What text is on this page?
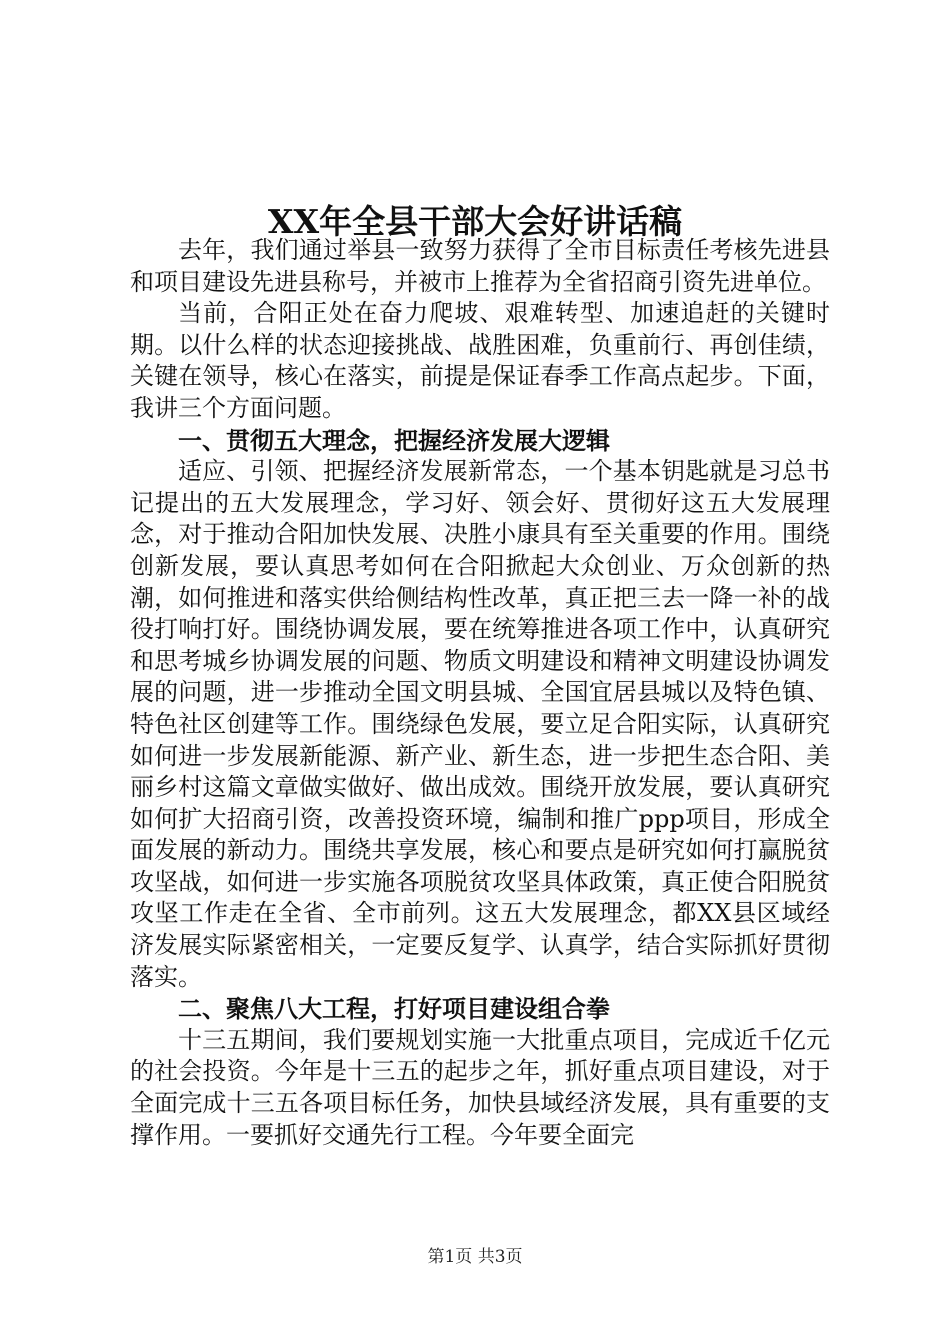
XX年全县干部大会好讲话稿

去年，我们通过举县一致努力获得了全市目标责任考核先进县和项目建设先进县称号，并被市上推荐为全省招商引资先进单位。

当前，合阳正处在奋力爬坡、艰难转型、加速追赶的关键时期。以什么样的状态迎接挑战、战胜困难，负重前行、再创佳绩，关键在领导，核心在落实，前提是保证春季工作高点起步。下面，我讲三个方面问题。

一、贯彻五大理念，把握经济发展大逻辑

适应、引领、把握经济发展新常态，一个基本钥匙就是习总书记提出的五大发展理念，学习好、领会好、贯彻好这五大发展理念，对于推动合阳加快发展、决胜小康具有至关重要的作用。围绕创新发展，要认真思考如何在合阳掀起大众创业、万众创新的热潮，如何推进和落实供给侧结构性改革，真正把三去一降一补的战役打响打好。围绕协调发展，要在统筹推进各项工作中，认真研究和思考城乡协调发展的问题、物质文明建设和精神文明建设协调发展的问题，进一步推动全国文明县城、全国宜居县城以及特色镇、特色社区创建等工作。围绕绿色发展，要立足合阳实际，认真研究如何进一步发展新能源、新产业、新生态，进一步把生态合阳、美丽乡村这篇文章做实做好、做出成效。围绕开放发展，要认真研究如何扩大招商引资，改善投资环境，编制和推广ppp项目，形成全面发展的新动力。围绕共享发展，核心和要点是研究如何打赢脱贫攻坚战，如何进一步实施各项脱贫攻坚具体政策，真正使合阳脱贫攻坚工作走在全省、全市前列。这五大发展理念，都XX县区域经济发展实际紧密相关，一定要反复学、认真学，结合实际抓好贯彻落实。

二、聚焦八大工程，打好项目建设组合拳

十三五期间，我们要规划实施一大批重点项目，完成近千亿元的社会投资。今年是十三五的起步之年，抓好重点项目建设，对于全面完成十三五各项目标任务，加快县域经济发展，具有重要的支撑作用。一要抓好交通先行工程。今年要全面完

第1页 共3页
